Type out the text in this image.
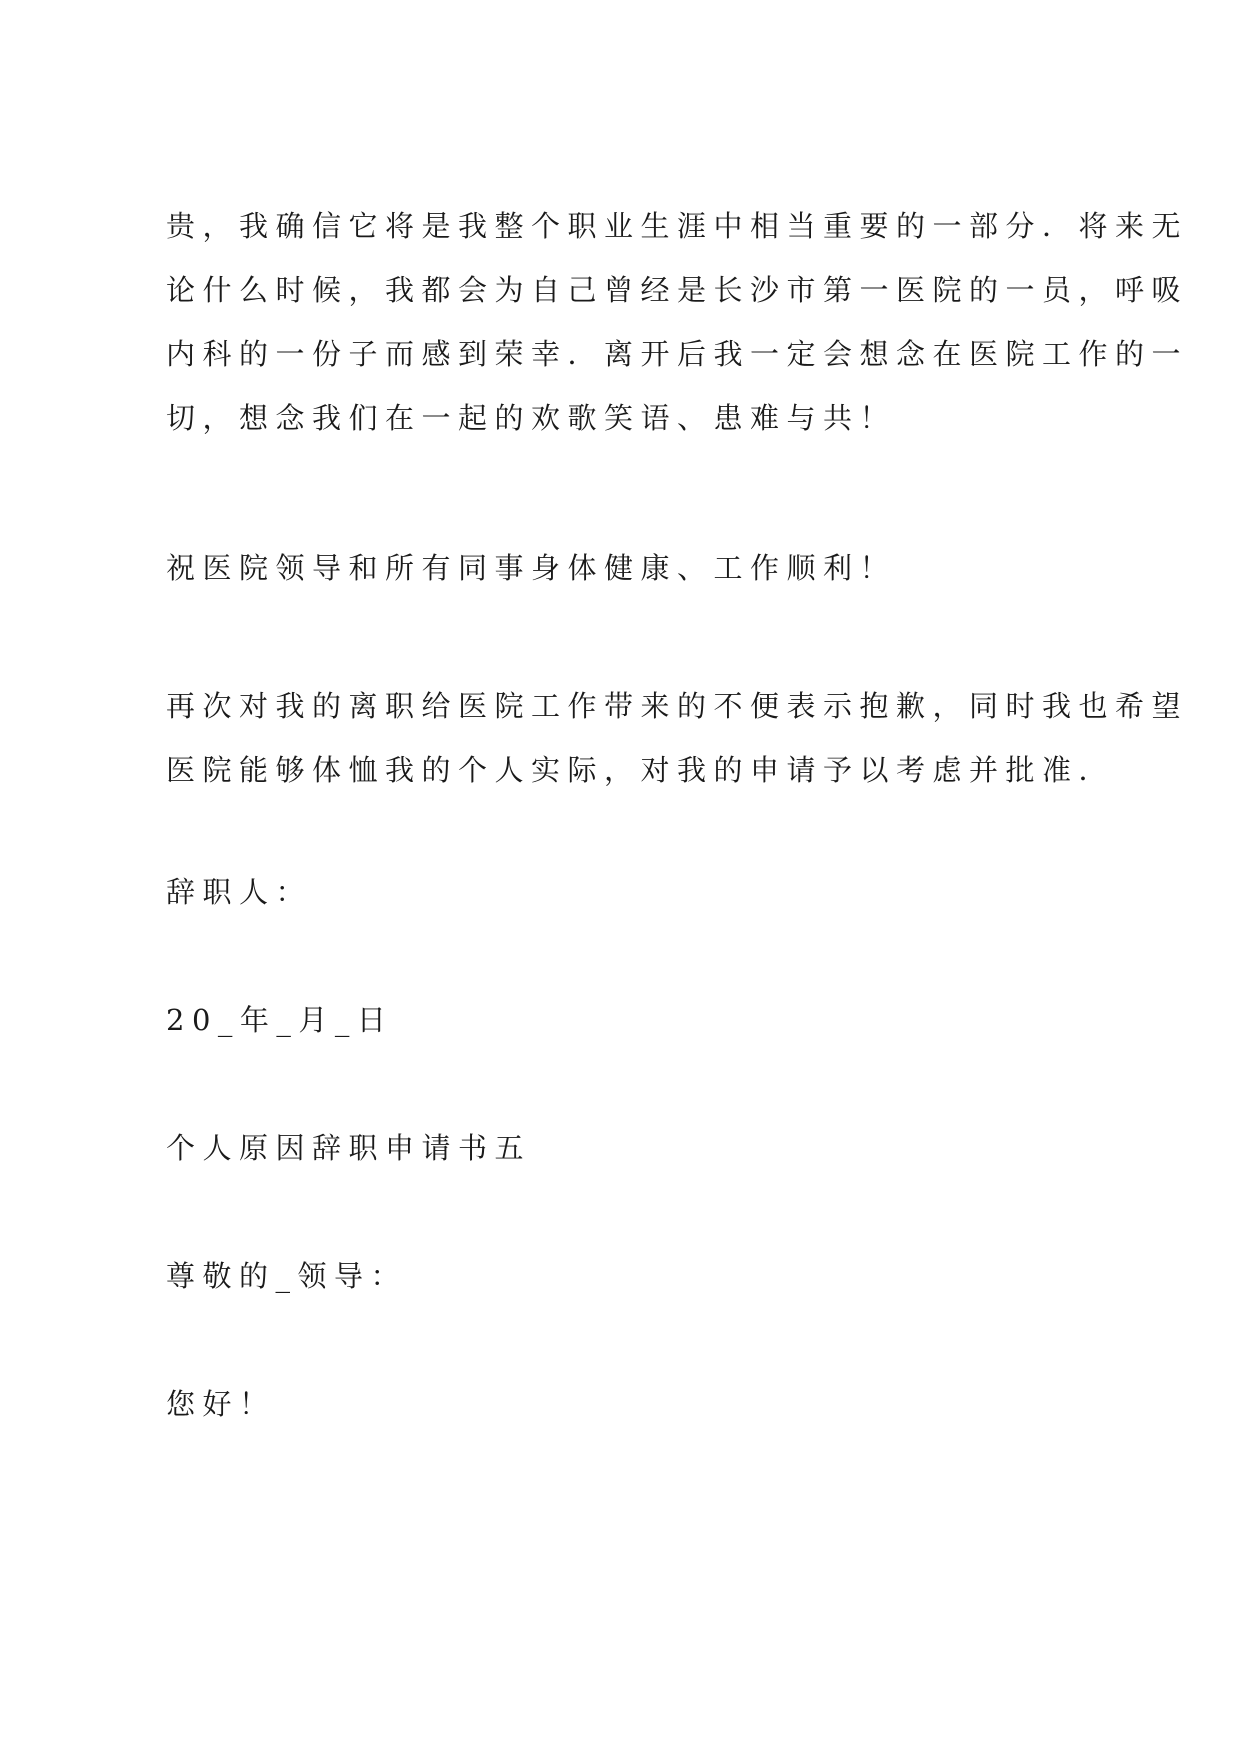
贵，我确信它将是我整个职业生涯中相当重要的一部分．将来无
论什么时候，我都会为自己曾经是长沙市第一医院的一员，呼吸
内科的一份子而感到荣幸．离开后我一定会想念在医院工作的一
切，想念我们在一起的欢歌笑语、患难与共！
祝医院领导和所有同事身体健康、工作顺利！
再次对我的离职给医院工作带来的不便表示抱歉，同时我也希望
医院能够体恤我的个人实际，对我的申请予以考虑并批准．
辞职人：
20_年_月_日
个人原因辞职申请书五
尊敬的_领导：
您好！
